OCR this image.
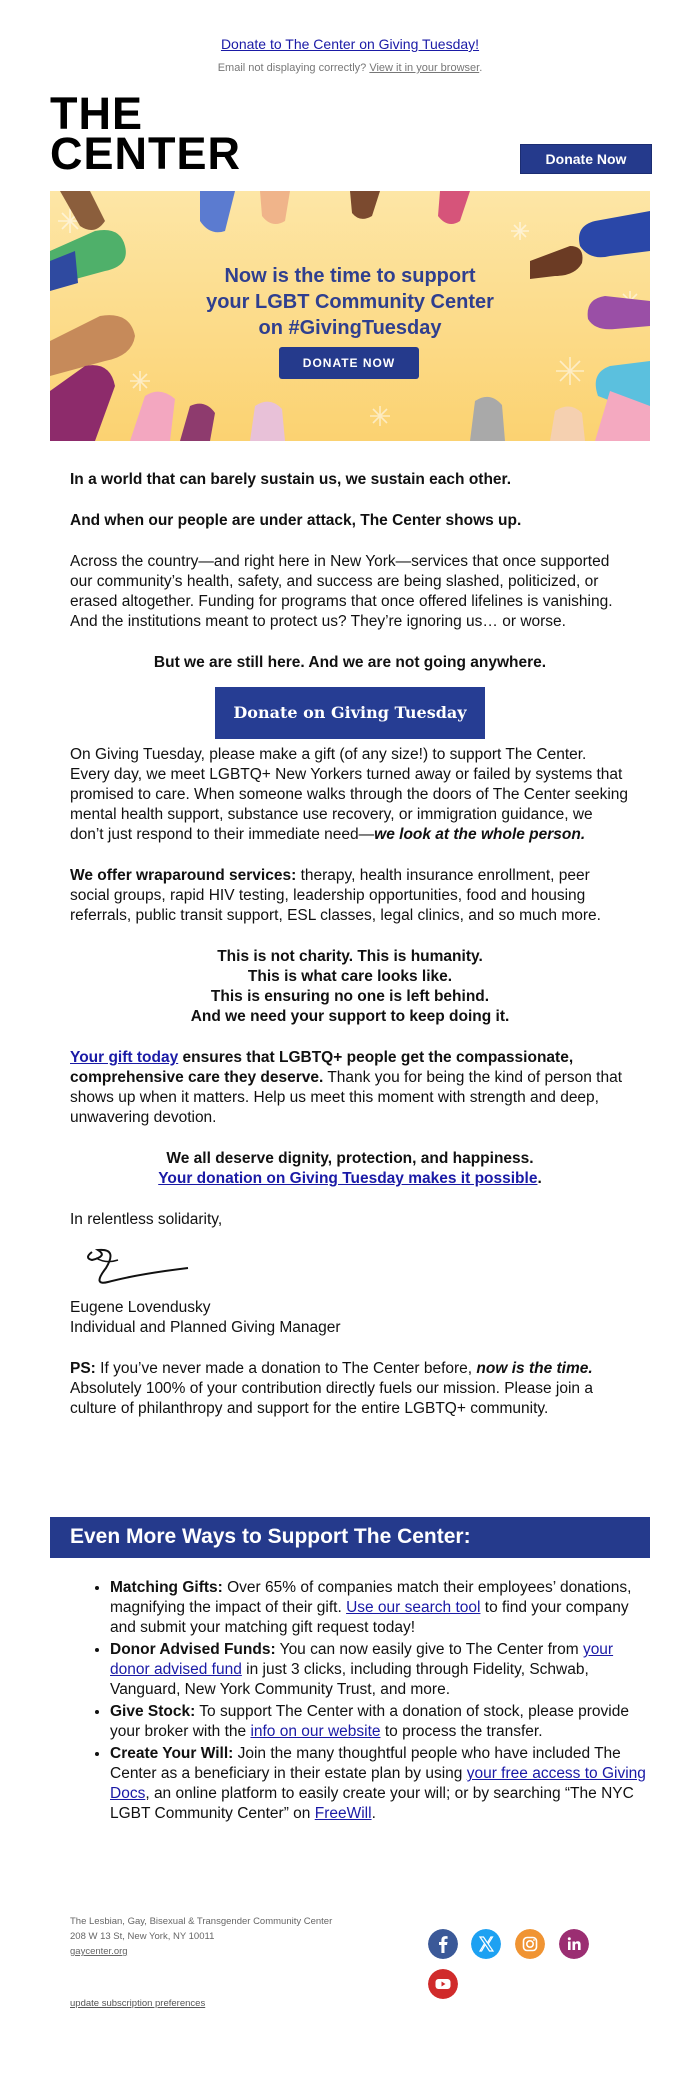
Donate to The Center on Giving Tuesday!
Email not displaying correctly? View it in your browser.
THE
CENTER	Donate Now
Now is the time to support
your LGBT Community Center
on #GivingTuesday
DONATE NOW

In a world that can barely sustain us, we sustain each other.

And when our people are under attack, The Center shows up.

Across the country—and right here in New York—services that once supported our community’s health, safety, and success are being slashed, politicized, or erased altogether. Funding for programs that once offered lifelines is vanishing. And the institutions meant to protect us? They’re ignoring us… or worse.

But we are still here. And we are not going anywhere.

Donate on Giving Tuesday

On Giving Tuesday, please make a gift (of any size!) to support The Center. Every day, we meet LGBTQ+ New Yorkers turned away or failed by systems that promised to care. When someone walks through the doors of The Center seeking mental health support, substance use recovery, or immigration guidance, we don’t just respond to their immediate need—we look at the whole person.

We offer wraparound services: therapy, health insurance enrollment, peer social groups, rapid HIV testing, leadership opportunities, food and housing referrals, public transit support, ESL classes, legal clinics, and so much more.

This is not charity. This is humanity.
This is what care looks like.
This is ensuring no one is left behind.
And we need your support to keep doing it.

Your gift today ensures that LGBTQ+ people get the compassionate, comprehensive care they deserve. Thank you for being the kind of person that shows up when it matters. Help us meet this moment with strength and deep, unwavering devotion.

We all deserve dignity, protection, and happiness.
Your donation on Giving Tuesday makes it possible.

In relentless solidarity,

Eugene Lovendusky
Individual and Planned Giving Manager

PS: If you’ve never made a donation to The Center before, now is the time. Absolutely 100% of your contribution directly fuels our mission. Please join a culture of philanthropy and support for the entire LGBTQ+ community.

Even More Ways to Support The Center:
• Matching Gifts: Over 65% of companies match their employees’ donations, magnifying the impact of their gift. Use our search tool to find your company and submit your matching gift request today!
• Donor Advised Funds: You can now easily give to The Center from your donor advised fund in just 3 clicks, including through Fidelity, Schwab, Vanguard, New York Community Trust, and more.
• Give Stock: To support The Center with a donation of stock, please provide your broker with the info on our website to process the transfer.
• Create Your Will: Join the many thoughtful people who have included The Center as a beneficiary in their estate plan by using your free access to Giving Docs, an online platform to easily create your will; or by searching “The NYC LGBT Community Center” on FreeWill.
The Lesbian, Gay, Bisexual & Transgender Community Center
208 W 13 St, New York, NY 10011
gaycenter.org
update subscription preferences
